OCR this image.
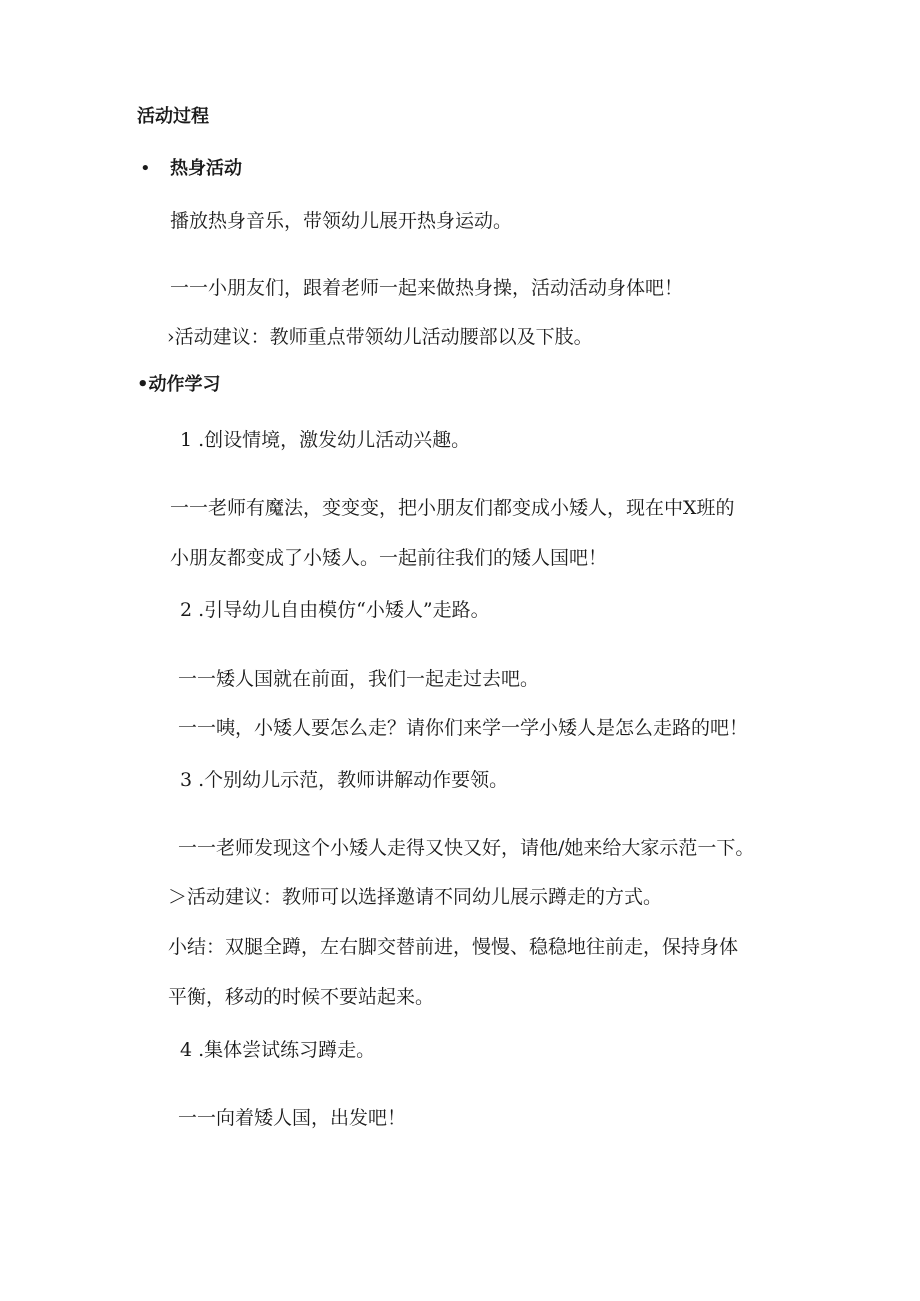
活动过程
• 热身活动
播放热身音乐，带领幼儿展开热身运动。
一一小朋友们，跟着老师一起来做热身操，活动活动身体吧！
›活动建议：教师重点带领幼儿活动腰部以及下肢。
•动作学习
1 .创设情境，激发幼儿活动兴趣。
一一老师有魔法，变变变，把小朋友们都变成小矮人，现在中X班的
小朋友都变成了小矮人。一起前往我们的矮人国吧！
2 .引导幼儿自由模仿“小矮人”走路。
一一矮人国就在前面，我们一起走过去吧。
一一咦，小矮人要怎么走？请你们来学一学小矮人是怎么走路的吧！
3 .个别幼儿示范，教师讲解动作要领。
一一老师发现这个小矮人走得又快又好，请他/她来给大家示范一下。
＞活动建议：教师可以选择邀请不同幼儿展示蹲走的方式。
小结：双腿全蹲，左右脚交替前进，慢慢、稳稳地往前走，保持身体
平衡，移动的时候不要站起来。
4 .集体尝试练习蹲走。
一一向着矮人国，出发吧！
